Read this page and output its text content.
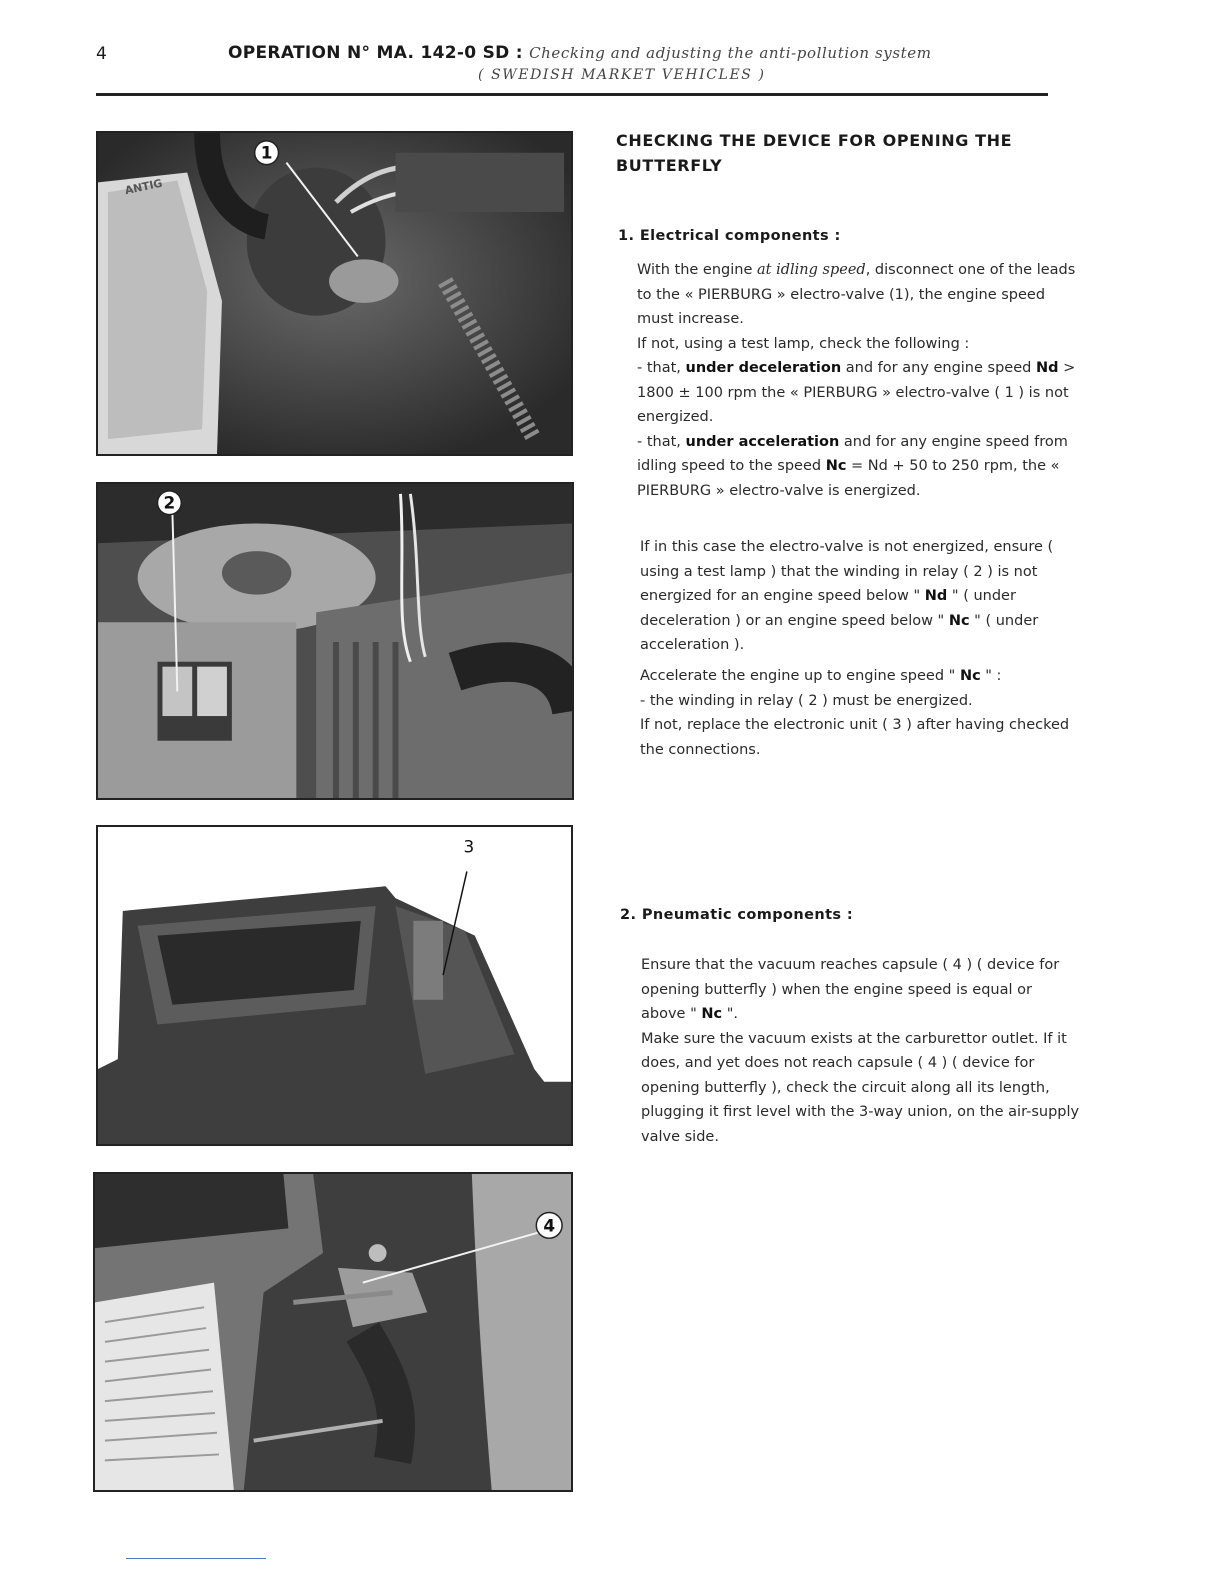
4	OPERATION N° MA. 142-0 SD : Checking and adjusting the anti-pollution system
( SWEDISH MARKET VEHICLES )
1
ANTIG
2
3
4
CHECKING THE DEVICE FOR OPENING THE BUTTERFLY
1. Electrical components :

With the engine at idling speed, disconnect one of the leads to the « PIERBURG » electro-valve (1), the engine speed must increase.

If not, using a test lamp, check the following :

- that, under deceleration and for any engine speed Nd > 1800 ± 100 rpm the « PIERBURG » electro-valve ( 1 ) is not energized.

- that, under acceleration and for any engine speed from idling speed to the speed Nc = Nd + 50 to 250 rpm, the « PIERBURG » electro-valve is energized.

If in this case the electro-valve is not energized, ensure ( using a test lamp ) that the winding in relay ( 2 ) is not energized for an engine speed below " Nd " ( under deceleration ) or an engine speed below " Nc " ( under acceleration ).

Accelerate the engine up to engine speed " Nc " :

- the winding in relay ( 2 ) must be energized.

If not, replace the electronic unit ( 3 ) after having checked the connections.

2. Pneumatic components :

Ensure that the vacuum reaches capsule ( 4 ) ( device for opening butterfly ) when the engine speed is equal or above " Nc ".

Make sure the vacuum exists at the carburettor outlet. If it does, and yet does not reach capsule ( 4 ) ( device for opening butterfly ), check the circuit along all its length, plugging it first level with the 3-way union, on the air-supply valve side.
